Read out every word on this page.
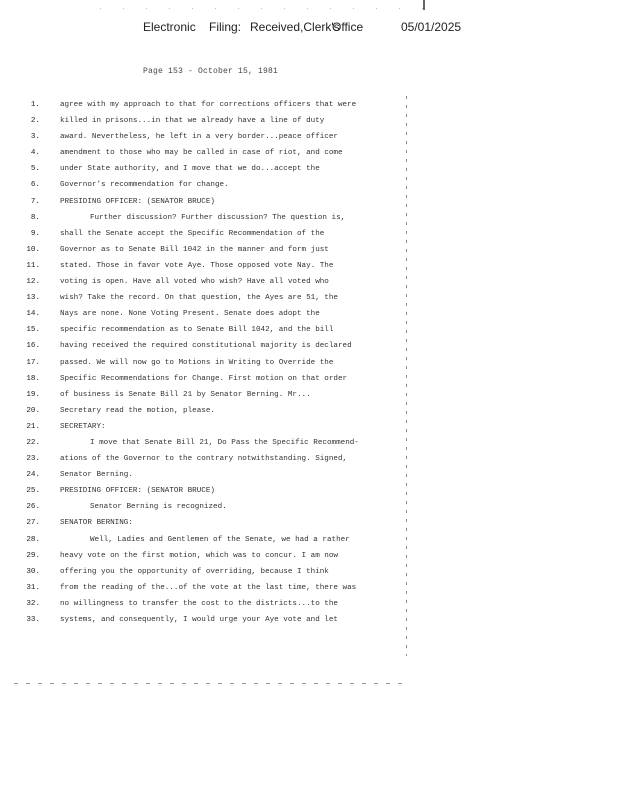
Electronic Filing: Received,Clerk's
Office	05/01/2025
Page 153 - October 15, 1981
1.	agree with my approach to that for corrections officers that were
2.	killed in prisons...in that we already have a line of duty
3.	award. Nevertheless, he left in a very border...peace officer
4.	amendment to those who may be called in case of riot, and come
5.	under State authority, and I move that we do...accept the
6.	Governor's recommendation for change.
7.	PRESIDING OFFICER: (SENATOR BRUCE)
8.	Further discussion? Further discussion? The question is,
9.	shall the Senate accept the Specific Recommendation of the
10.	Governor as to Senate Bill 1042 in the manner and form just
11.	stated. Those in favor vote Aye. Those opposed vote Nay. The
12.	voting is open. Have all voted who wish? Have all voted who
13.	wish? Take the record. On that question, the Ayes are 51, the
14.	Nays are none. None Voting Present. Senate does adopt the
15.	specific recommendation as to Senate Bill 1042, and the bill
16.	having received the required constitutional majority is declared
17.	passed. We will now go to Motions in Writing to Override the
18.	Specific Recommendations for Change. First motion on that order
19.	of business is Senate Bill 21 by Senator Berning. Mr...
20.	Secretary read the motion, please.
21.	SECRETARY:
22.	I move that Senate Bill 21, Do Pass the Specific Recommend-
23.	ations of the Governor to the contrary notwithstanding. Signed,
24.	Senator Berning.
25.	PRESIDING OFFICER: (SENATOR BRUCE)
26.	Senator Berning is recognized.
27.	SENATOR BERNING:
28.	Well, Ladies and Gentlemen of the Senate, we had a rather
29.	heavy vote on the first motion, which was to concur. I am now
30.	offering you the opportunity of overriding, because I think
31.	from the reading of the...of the vote at the last time, there was
32.	no willingness to transfer the cost to the districts...to the
33.	systems, and consequently, I would urge your Aye vote and let
